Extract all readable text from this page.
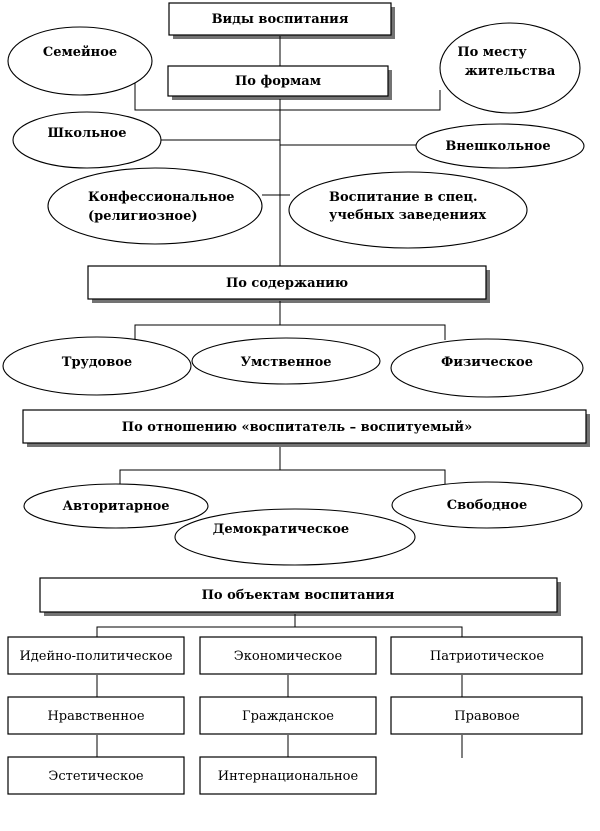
Виды воспитания
Семейное	По месту
жительства
По формам
Школьное
Внешкольное
Конфессиональное
(религиозное)
Воспитание в спец.
учебных заведениях
По содержанию
Трудовое	Умственное	Физическое
По отношению «воспитатель – воспитуемый»
Авторитарное	Свободное
Демократическое
По объектам воспитания
Идейно-политическое	Экономическое	Патриотическое
Нравственное	Гражданское	Правовое
Эстетическое	Интернациональное
